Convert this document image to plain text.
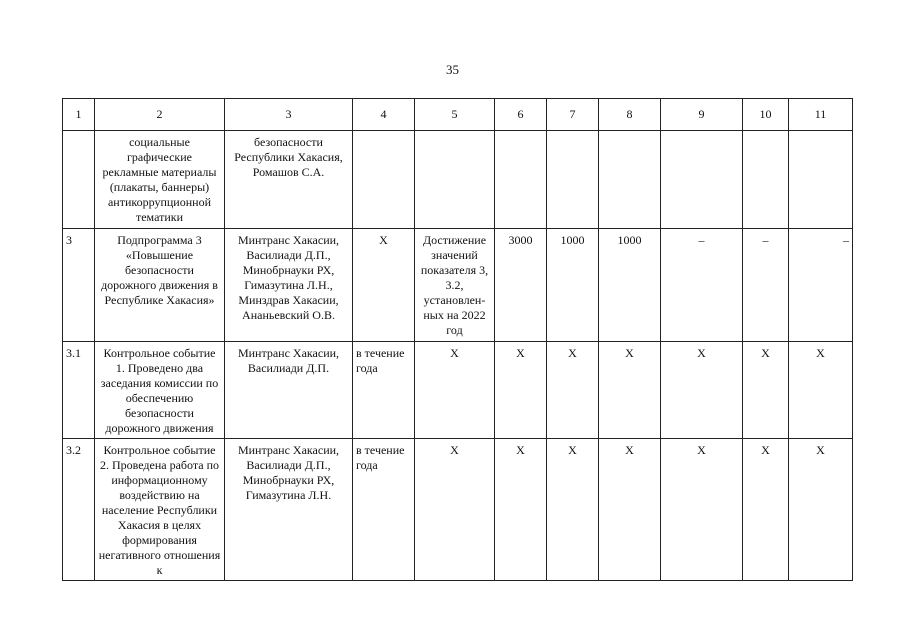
35
1	2	3	4	5	6	7	8	9	10	11
	социальные графические рекламные материалы (плакаты, баннеры) антикоррупционной тематики	безопасности Республики Хакасия, Ромашов С.А.								
3	Подпрограмма 3 «Повышение безопасности дорожного движения в Республике Хакасия»	Минтранс Хакасии, Василиади Д.П., Минобрнауки РХ, Гимазутина Л.Н., Минздрав Хакасии, Ананьевский О.В.	Х	Достижение значений показателя 3, 3.2, установлен-ных на 2022 год	3000	1000	1000	–	–	–
3.1	Контрольное событие 1. Проведено два заседания комиссии по обеспечению безопасности дорожного движения	Минтранс Хакасии, Василиади Д.П.	в течение года	Х	Х	Х	Х	Х	Х	Х
3.2	Контрольное событие 2. Проведена работа по информационному воздействию на население Республики Хакасия в целях формирования негативного отношения к	Минтранс Хакасии, Василиади Д.П., Минобрнауки РХ, Гимазутина Л.Н.	в течение года	Х	Х	Х	Х	Х	Х	Х
